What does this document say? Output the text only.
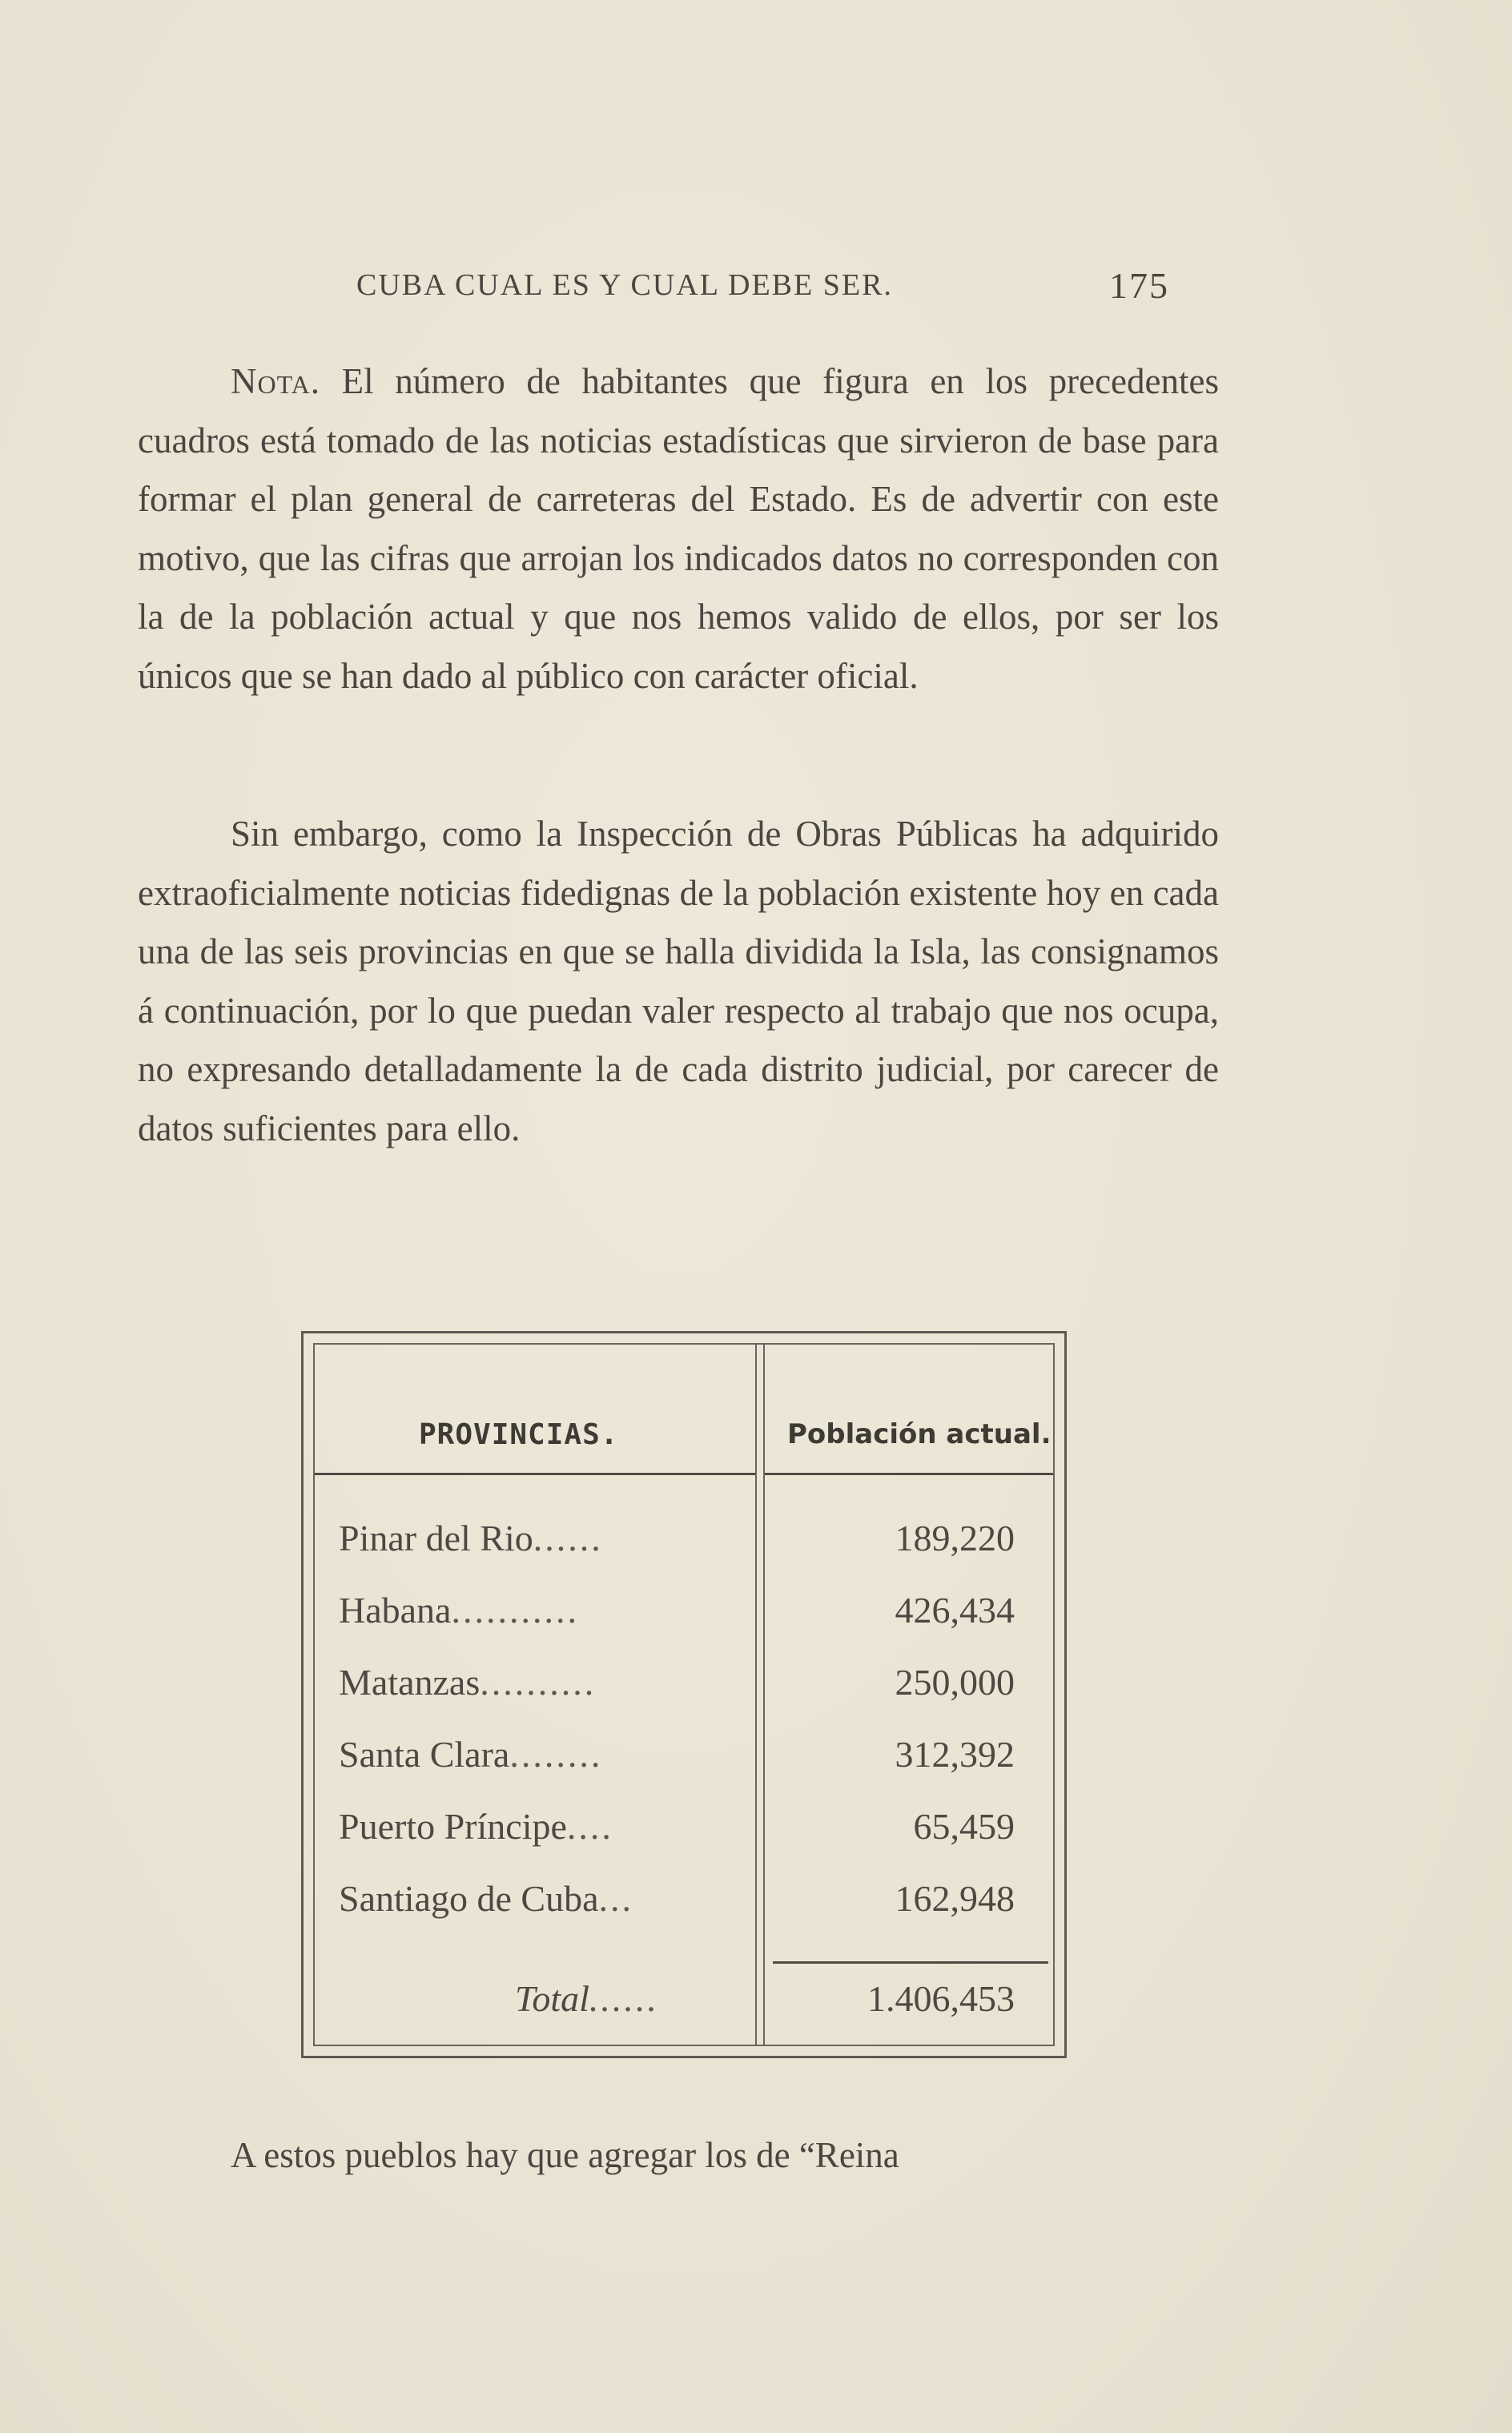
CUBA CUAL ES Y CUAL DEBE SER.	175
Nota. El número de habitantes que figura en los precedentes cuadros está tomado de las noticias estadísticas que sirvieron de base para formar el plan general de carreteras del Estado. Es de advertir con este motivo, que las cifras que arrojan los indicados datos no corresponden con la de la población actual y que nos hemos valido de ellos, por ser los únicos que se han dado al público con carácter oficial.
Sin embargo, como la Inspección de Obras Públicas ha adquirido extraoficialmente noticias fidedignas de la población existente hoy en cada una de las seis provincias en que se halla dividida la Isla, las consignamos á continuación, por lo que puedan valer respecto al trabajo que nos ocupa, no expresando detalladamente la de cada distrito judicial, por carecer de datos suficientes para ello.
PROVINCIAS.	Población actual.
Pinar del Rio......	189,220
Habana...........	426,434
Matanzas..........	250,000
Santa Clara........	312,392
Puerto Príncipe....	65,459
Santiago de Cuba...	162,948
Total......	1.406,453
A estos pueblos hay que agregar los de “Reina
